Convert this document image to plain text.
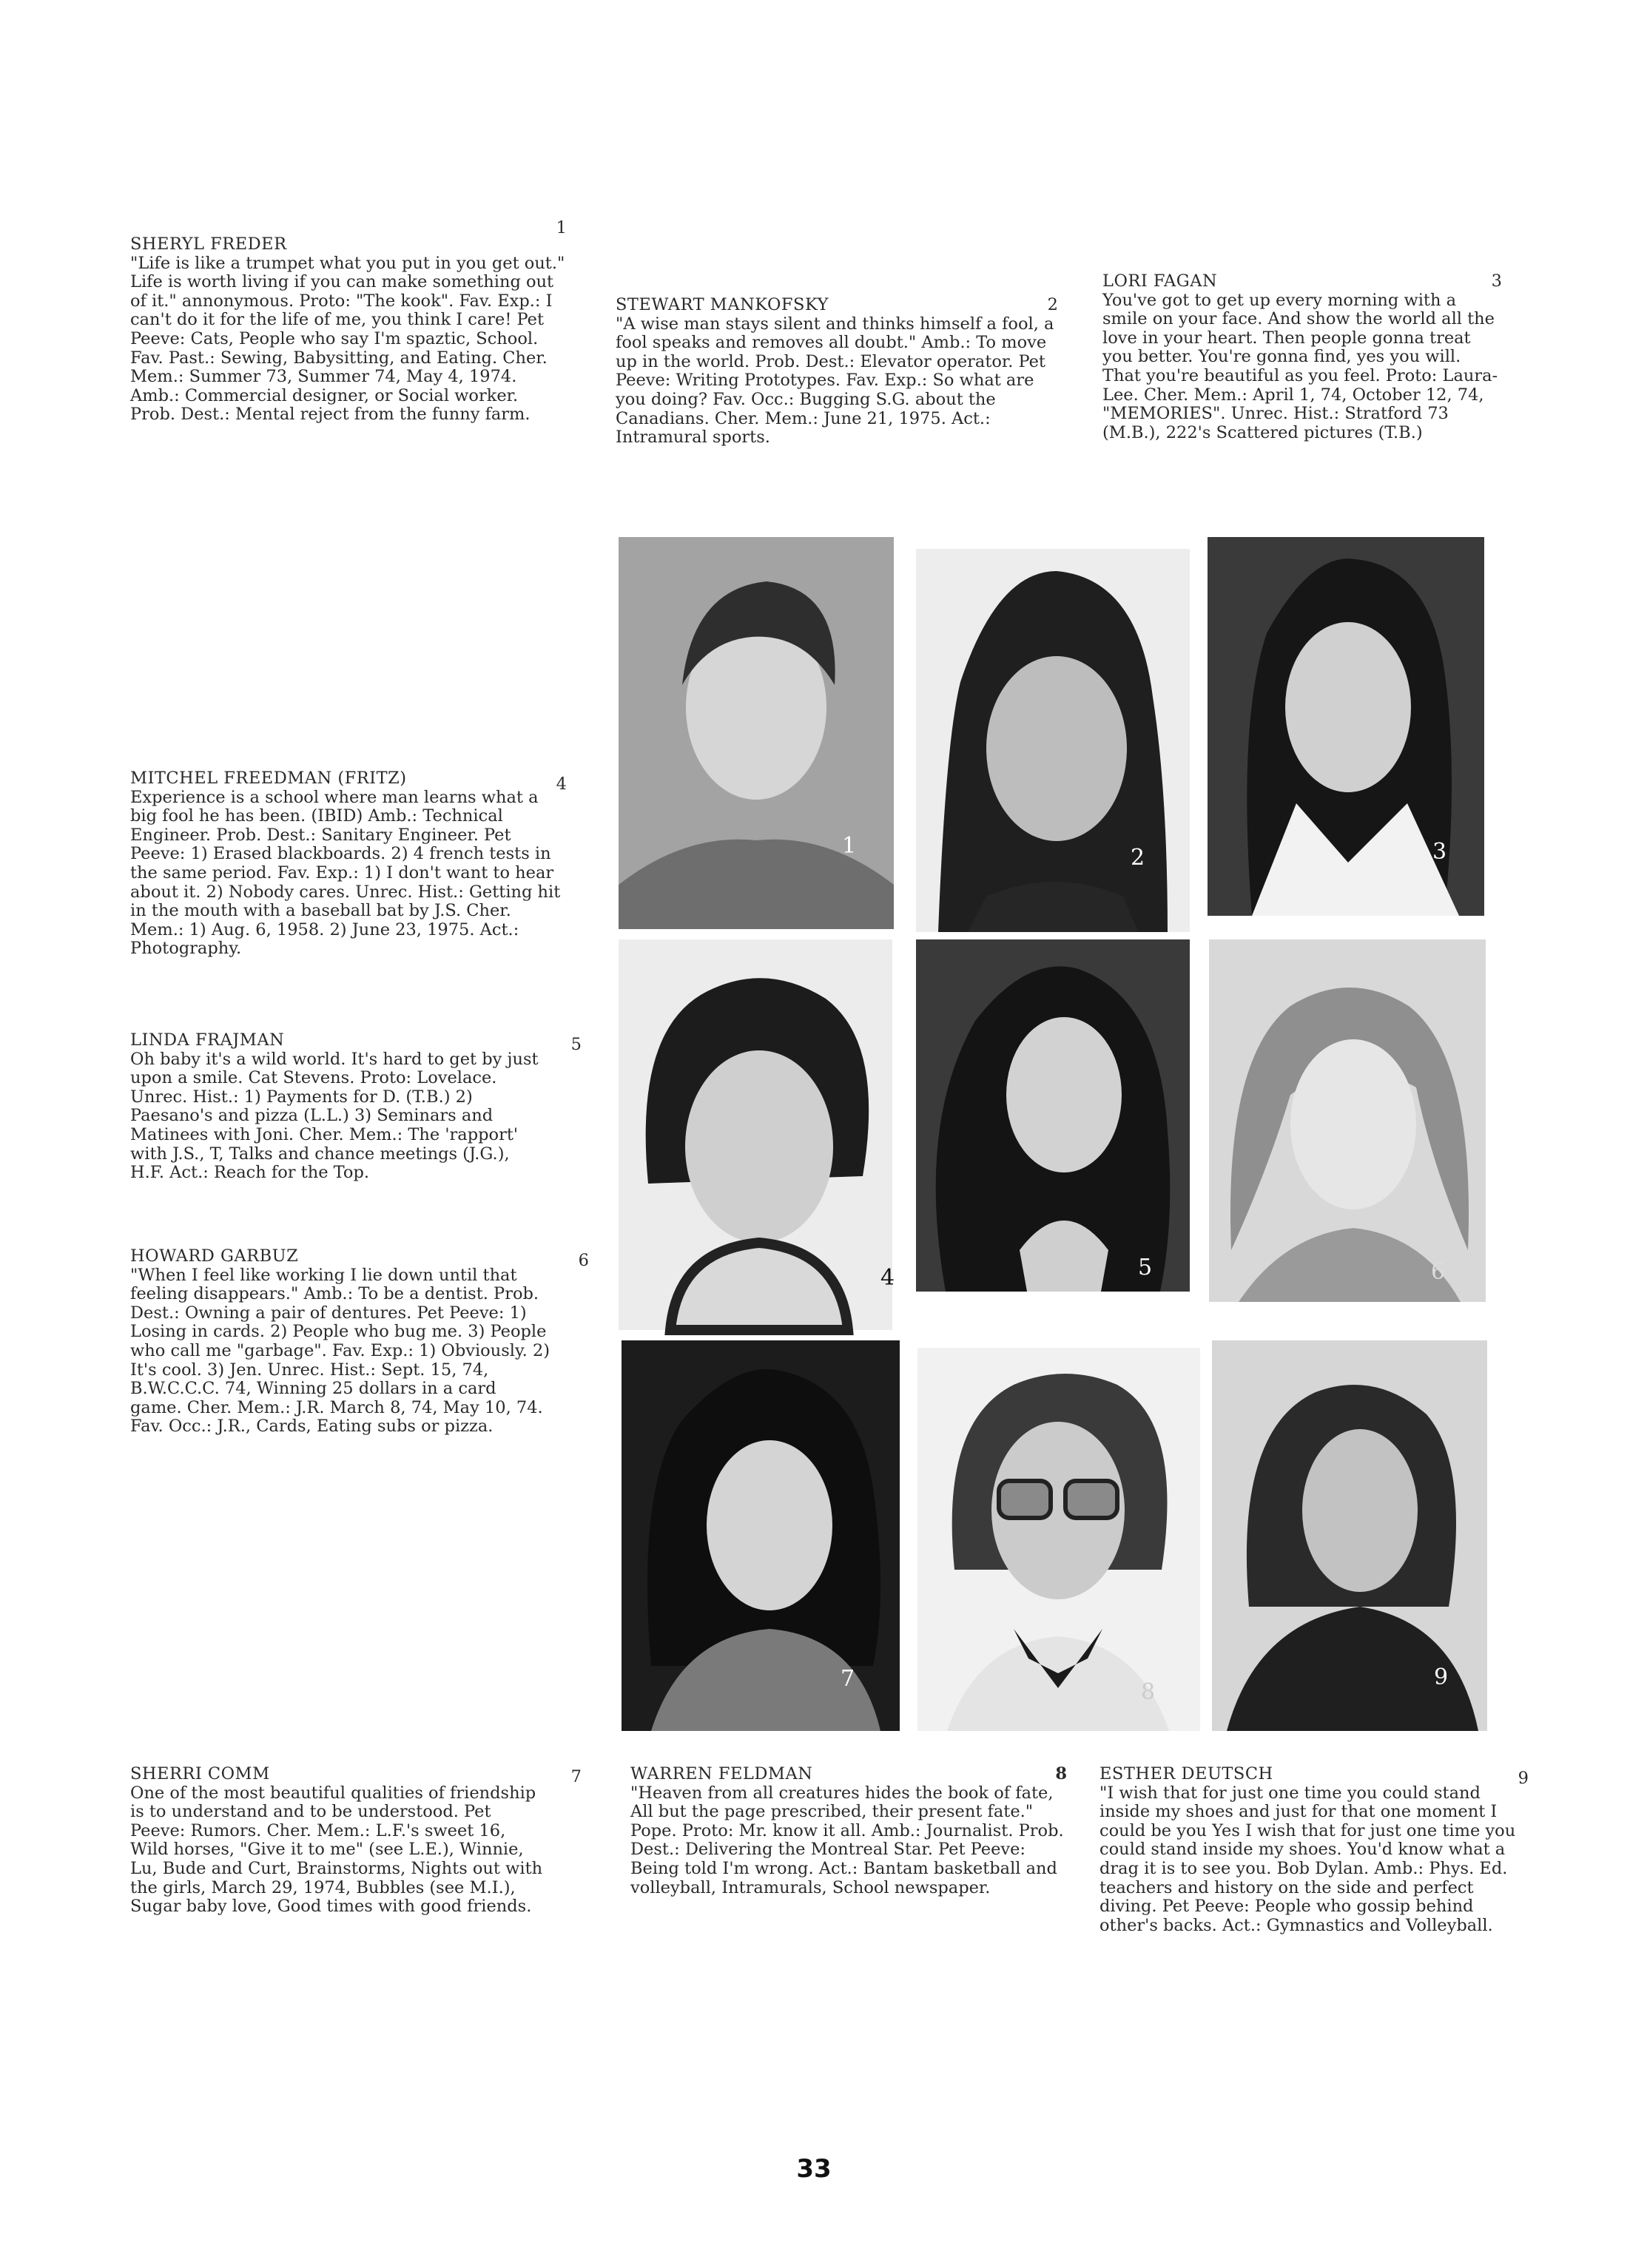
SHERYL FREDER
1
"Life is like a trumpet what you put in you get out." Life is worth living if you can make something out of it." annonymous. Proto: "The kook". Fav. Exp.: I can't do it for the life of me, you think I care! Pet Peeve: Cats, People who say I'm spaztic, School. Fav. Past.: Sewing, Babysitting, and Eating. Cher. Mem.: Summer 73, Summer 74, May 4, 1974. Amb.: Commercial designer, or Social worker. Prob. Dest.: Mental reject from the funny farm.
STEWART MANKOFSKY	2
"A wise man stays silent and thinks himself a fool, a fool speaks and removes all doubt." Amb.: To move up in the world. Prob. Dest.: Elevator operator. Pet Peeve: Writing Prototypes. Fav. Exp.: So what are you doing? Fav. Occ.: Bugging S.G. about the Canadians. Cher. Mem.: June 21, 1975. Act.: Intramural sports.
LORI FAGAN	3
You've got to get up every morning with a smile on your face. And show the world all the love in your heart. Then people gonna treat you better. You're gonna find, yes you will. That you're beautiful as you feel. Proto: Laura-Lee. Cher. Mem.: April 1, 74, October 12, 74, "MEMORIES". Unrec. Hist.: Stratford 73 (M.B.), 222's Scattered pictures (T.B.)
MITCHEL FREEDMAN (FRITZ)	4
Experience is a school where man learns what a big fool he has been. (IBID) Amb.: Technical Engineer. Prob. Dest.: Sanitary Engineer. Pet Peeve: 1) Erased blackboards. 2) 4 french tests in the same period. Fav. Exp.: 1) I don't want to hear about it. 2) Nobody cares. Unrec. Hist.: Getting hit in the mouth with a baseball bat by J.S. Cher. Mem.: 1) Aug. 6, 1958. 2) June 23, 1975. Act.: Photography.
LINDA FRAJMAN	5
Oh baby it's a wild world. It's hard to get by just upon a smile. Cat Stevens. Proto: Lovelace. Unrec. Hist.: 1) Payments for D. (T.B.) 2) Paesano's and pizza (L.L.) 3) Seminars and Matinees with Joni. Cher. Mem.: The 'rapport' with J.S., T, Talks and chance meetings (J.G.), H.F. Act.: Reach for the Top.
HOWARD GARBUZ	6
"When I feel like working I lie down until that feeling disappears." Amb.: To be a dentist. Prob. Dest.: Owning a pair of dentures. Pet Peeve: 1) Losing in cards. 2) People who bug me. 3) People who call me "garbage". Fav. Exp.: 1) Obviously. 2) It's cool. 3) Jen. Unrec. Hist.: Sept. 15, 74, B.W.C.C.C. 74, Winning 25 dollars in a card game. Cher. Mem.: J.R. March 8, 74, May 10, 74. Fav. Occ.: J.R., Cards, Eating subs or pizza.
SHERRI COMM	7
One of the most beautiful qualities of friendship is to understand and to be understood. Pet Peeve: Rumors. Cher. Mem.: L.F.'s sweet 16, Wild horses, "Give it to me" (see L.E.), Winnie, Lu, Bude and Curt, Brainstorms, Nights out with the girls, March 29, 1974, Bubbles (see M.I.), Sugar baby love, Good times with good friends.
WARREN FELDMAN	8
"Heaven from all creatures hides the book of fate, All but the page prescribed, their present fate." Pope. Proto: Mr. know it all. Amb.: Journalist. Prob. Dest.: Delivering the Montreal Star. Pet Peeve: Being told I'm wrong. Act.: Bantam basketball and volleyball, Intramurals, School newspaper.
ESTHER DEUTSCH	9
"I wish that for just one time you could stand inside my shoes and just for that one moment I could be you Yes I wish that for just one time you could stand inside my shoes. You'd know what a drag it is to see you. Bob Dylan. Amb.: Phys. Ed. teachers and history on the side and perfect diving. Pet Peeve: People who gossip behind other's backs. Act.: Gymnastics and Volleyball.
1	2	3
4	5	6
7
8
9
33
